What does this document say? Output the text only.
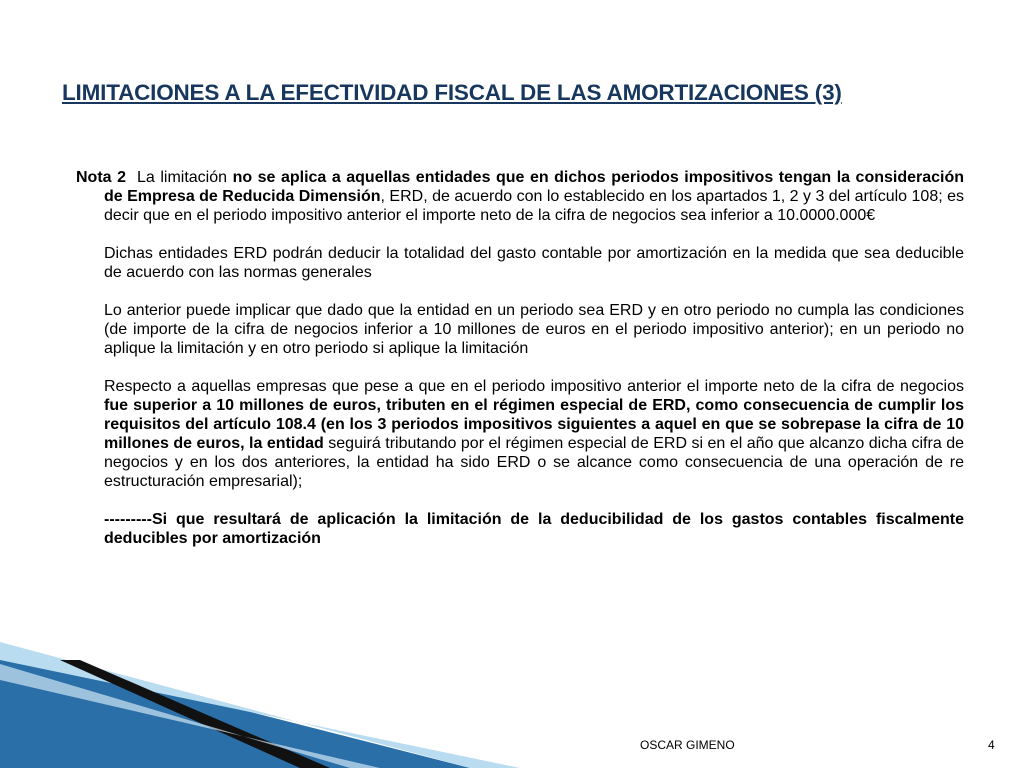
LIMITACIONES A LA EFECTIVIDAD FISCAL DE LAS AMORTIZACIONES (3)

Nota 2 La limitación no se aplica a aquellas entidades que en dichos periodos impositivos tengan la consideración de Empresa de Reducida Dimensión, ERD, de acuerdo con lo establecido en los apartados 1, 2 y 3 del artículo 108; es decir que en el periodo impositivo anterior el importe neto de la cifra de negocios sea inferior a 10.0000.000€

Dichas entidades ERD podrán deducir la totalidad del gasto contable por amortización en la medida que sea deducible de acuerdo con las normas generales

Lo anterior puede implicar que dado que la entidad en un periodo sea ERD y en otro periodo no cumpla las condiciones (de importe de la cifra de negocios inferior a 10 millones de euros en el periodo impositivo anterior); en un periodo no aplique la limitación y en otro periodo si aplique la limitación

Respecto a aquellas empresas que pese a que en el periodo impositivo anterior el importe neto de la cifra de negocios fue superior a 10 millones de euros, tributen en el régimen especial de ERD, como consecuencia de cumplir los requisitos del artículo 108.4 (en los 3 periodos impositivos siguientes a aquel en que se sobrepase la cifra de 10 millones de euros, la entidad seguirá tributando por el régimen especial de ERD si en el año que alcanzo dicha cifra de negocios y en los dos anteriores, la entidad ha sido ERD o se alcance como consecuencia de una operación de re estructuración empresarial);

---------Si que resultará de aplicación la limitación de la deducibilidad de los gastos contables fiscalmente deducibles por amortización

OSCAR GIMENO	4
